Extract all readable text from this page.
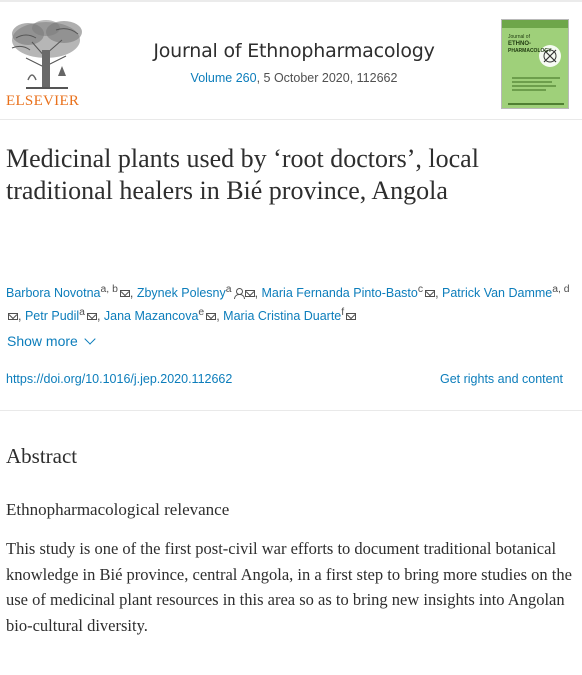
ELSEVIER
Journal of Ethnopharmacology
Volume 260, 5 October 2020, 112662
Journal of
ETHNO-
PHARMACOLOGY
Medicinal plants used by ‘root doctors’, local traditional healers in Bié province, Angola
Barbora Novotna$^{a, b}$ , Zbynek Polesny$^a$ , Maria Fernanda Pinto-Basto$^c$ , Patrick Van Damme$^{a, d}$, Petr Pudil$^a$ , Jana Mazancova$^e$ , Maria Cristina Duarte$^f$
Show more
https://doi.org/10.1016/j.jep.2020.112662	Get rights and content
Abstract
Ethnopharmacological relevance

This study is one of the first post-civil war efforts to document traditional botanical knowledge in Bié province, central Angola, in a first step to bring more studies on the use of medicinal plant resources in this area so as to bring new insights into Angolan bio-cultural diversity.
